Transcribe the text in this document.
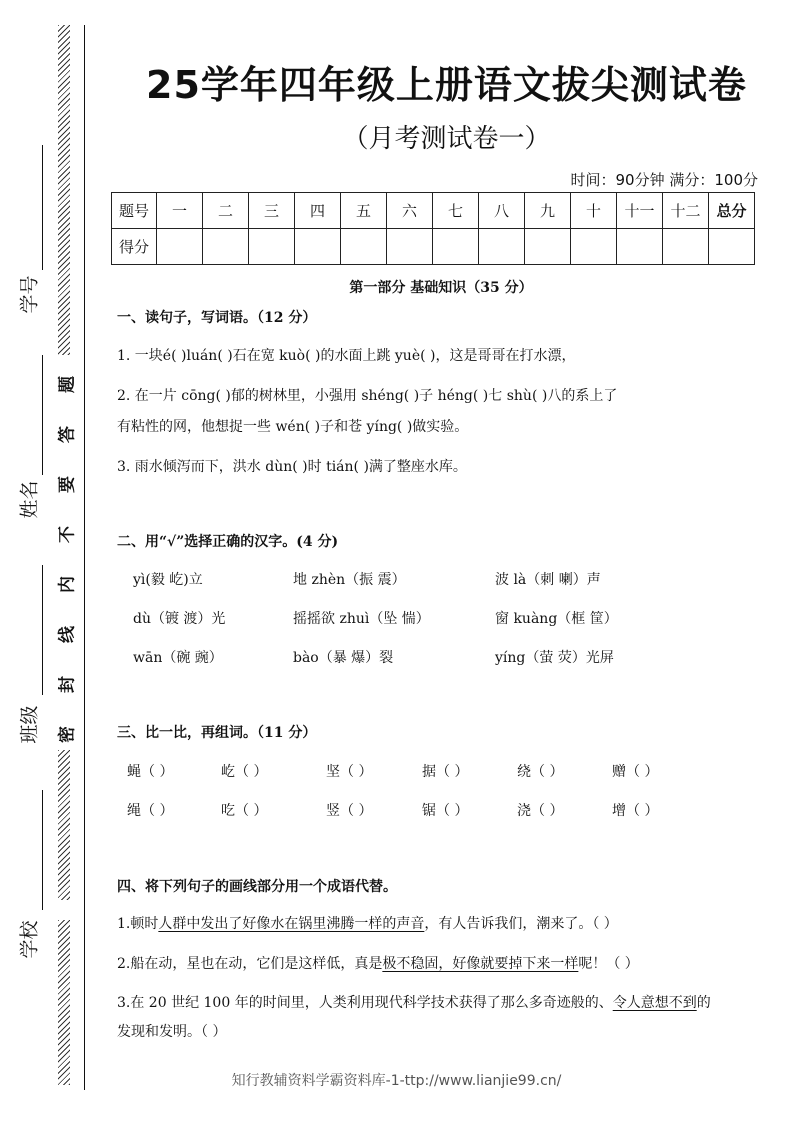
学号
姓名
班级
学校
题
答
要
不
内
线
封
密
25学年四年级上册语文拔尖测试卷
（月考测试卷一）
时间：90分钟 满分：100分
题号	一	二	三	四	五	六	七	八	九	十	十一	十二	总分
得分													
第一部分 基础知识（35 分）
一、读句子，写词语。（12 分）
1. 一块é( )luán( )石在宽 kuò( )的水面上跳 yuè( )，这是哥哥在打水漂，
2. 在一片 cōng( )郁的树林里，小强用 shéng( )子 héng( )七 shù( )八的系上了
有粘性的网，他想捉一些 wén( )子和苍 yíng( )做实验。
3. 雨水倾泻而下，洪水 dùn( )时 tián( )满了整座水库。
二、用“√”选择正确的汉字。(4 分)
yì(毅 屹)立	地 zhèn（振 震）	波 là（刺 喇）声
dù（镀 渡）光	摇摇欲 zhuì（坠 惴）	窗 kuàng（框 筐）
wān（碗 豌）	bào（暴 爆）裂	yíng（萤 荧）光屏
三、比一比，再组词。（11 分）
蝇（ ）	屹（ ）	坚（ ）	据（ ）	绕（ ）	赠（ ）
绳（ ）	吃（ ）	竖（ ）	锯（ ）	浇（ ）	增（ ）
四、将下列句子的画线部分用一个成语代替。
1.顿时人群中发出了好像水在锅里沸腾一样的声音，有人告诉我们，潮来了。（ ）
2.船在动，星也在动，它们是这样低，真是极不稳固，好像就要掉下来一样呢！（ ）
3.在 20 世纪 100 年的时间里，人类利用现代科学技术获得了那么多奇迹般的、令人意想不到的
发现和发明。（ ）
知行教辅资料学霸资料库-1-ttp://www.lianjie99.cn/
